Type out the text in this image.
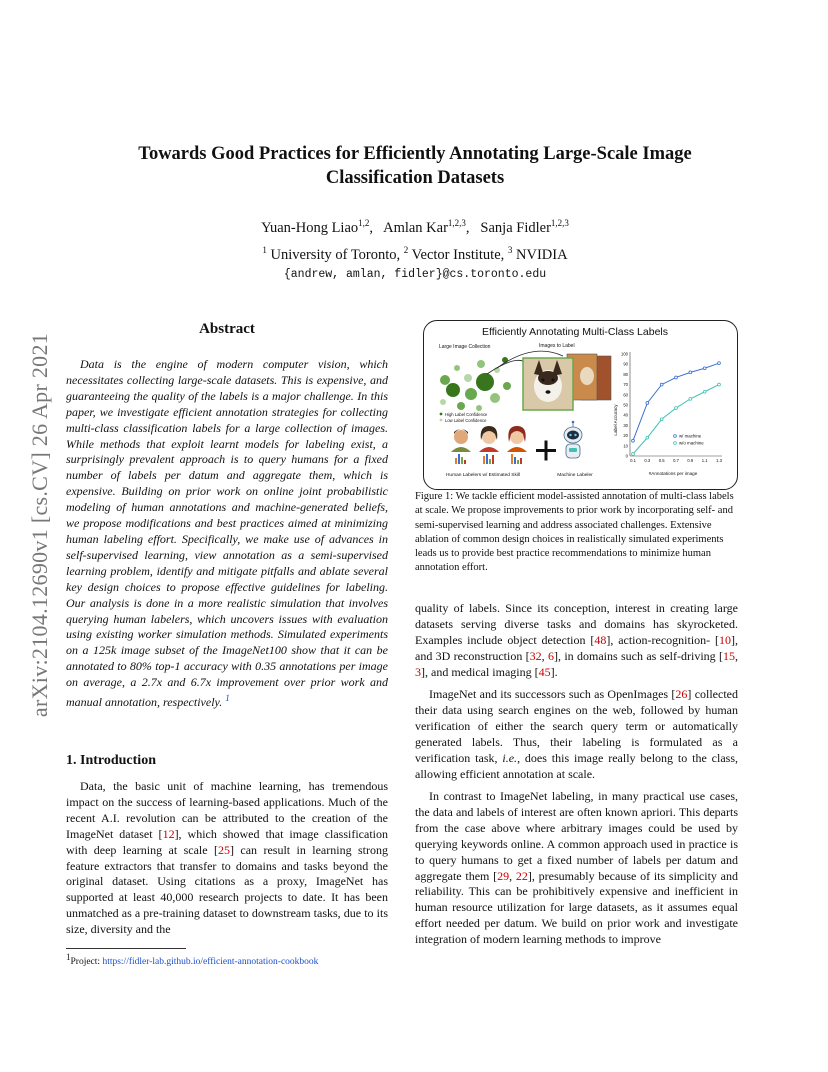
arXiv:2104.12690v1 [cs.CV] 26 Apr 2021
Towards Good Practices for Efficiently Annotating Large-Scale Image
Classification Datasets
Yuan-Hong Liao$^{1,2}$,   Amlan Kar$^{1,2,3}$,   Sanja Fidler$^{1,2,3}$
$^1$ University of Toronto, $^2$ Vector Institute, $^3$ NVIDIA
{andrew, amlan, fidler}@cs.toronto.edu
Abstract
Data is the engine of modern computer vision, which necessitates collecting large-scale datasets. This is expensive, and guaranteeing the quality of the labels is a major challenge. In this paper, we investigate efficient annotation strategies for collecting multi-class classification labels for a large collection of images. While methods that exploit learnt models for labeling exist, a surprisingly prevalent approach is to query humans for a fixed number of labels per datum and aggregate them, which is expensive. Building on prior work on online joint probabilistic modeling of human annotations and machine-generated beliefs, we propose modifications and best practices aimed at minimizing human labeling effort. Specifically, we make use of advances in self-supervised learning, view annotation as a semi-supervised learning problem, identify and mitigate pitfalls and ablate several key design choices to propose effective guidelines for labeling. Our analysis is done in a more realistic simulation that involves querying human labelers, which uncovers issues with evaluation using existing worker simulation methods. Simulated experiments on a 125k image subset of the ImageNet100 show that it can be annotated to 80% top-1 accuracy with 0.35 annotations per image on average, a 2.7x and 6.7x improvement over prior work and manual annotation, respectively. $^1$
1. Introduction
Data, the basic unit of machine learning, has tremendous impact on the success of learning-based applications. Much of the recent A.I. revolution can be attributed to the creation of the ImageNet dataset [12], which showed that image classification with deep learning at scale [25] can result in learning strong feature extractors that transfer to domains and tasks beyond the original dataset. Using citations as a proxy, ImageNet has supported at least 40,000 research projects to date. It has been unmatched as a pre-training dataset to downstream tasks, due to its size, diversity and the
$^1$Project: https://fidler-lab.github.io/efficient-annotation-cookbook
Efficiently Annotating Multi-Class Labels
Large Image Collection	Images to Label
High Label Confidence
Low Label Confidence
Human Labelers w/ Estimated Skill	Machine Labeler
Label Accuracy
#Annotations per image
0
10
20
30
40
50
60
70
80
90
100
0.1 0.3 0.5 0.7 0.9 1.1 1.3
w/ machine
w/o machine
Figure 1: We tackle efficient model-assisted annotation of multi-class labels at scale. We propose improvements to prior work by incorporating self- and semi-supervised learning and address associated challenges. Extensive ablation of common design choices in realistically simulated experiments leads us to provide best practice recommendations to minimize human annotation effort.
quality of labels. Since its conception, interest in creating large datasets serving diverse tasks and domains has skyrocketed. Examples include object detection [48], action-recognition- [10], and 3D reconstruction [32, 6], in domains such as self-driving [15, 3], and medical imaging [45].
ImageNet and its successors such as OpenImages [26] collected their data using search engines on the web, followed by human verification of either the search query term or automatically generated labels. Thus, their labeling is formulated as a verification task, i.e., does this image really belong to the class, allowing efficient annotation at scale.
In contrast to ImageNet labeling, in many practical use cases, the data and labels of interest are often known apriori. This departs from the case above where arbitrary images could be used by querying keywords online. A common approach used in practice is to query humans to get a fixed number of labels per datum and aggregate them [29, 22], presumably because of its simplicity and reliability. This can be prohibitively expensive and inefficient in human resource utilization for large datasets, as it assumes equal effort needed per datum. We build on prior work and investigate integration of modern learning methods to improve
